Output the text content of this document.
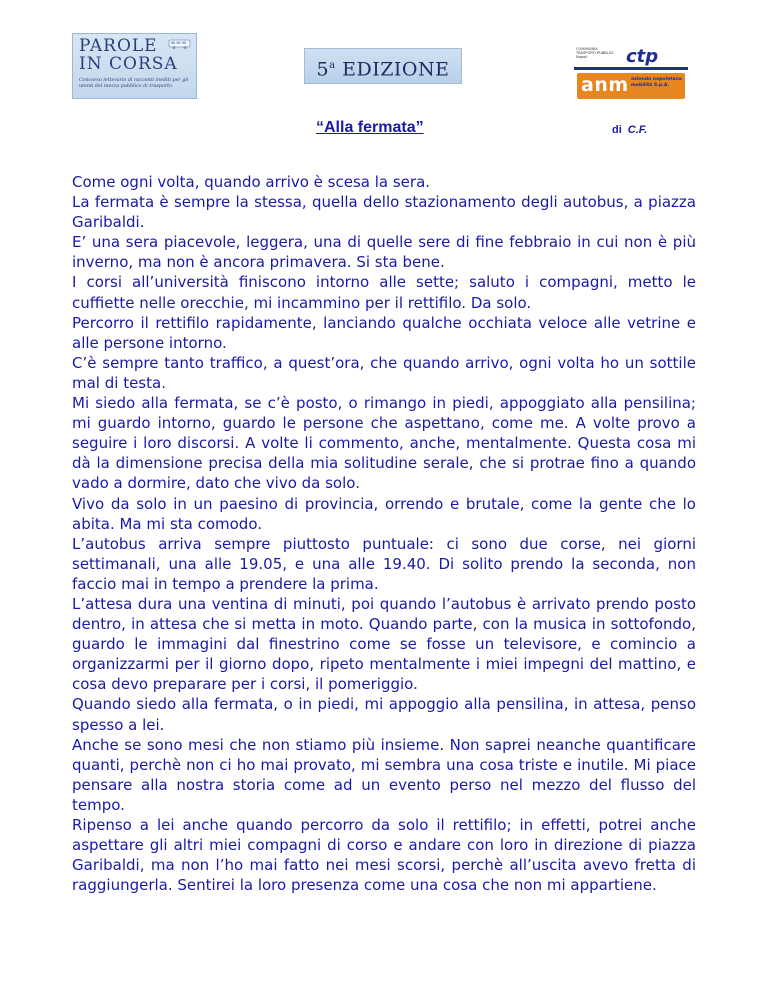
PAROLE
IN CORSA
Concorso letterario di racconti inediti per gli utenti del mezzo pubblico di trasporto
5$^a$ EDIZIONE
COMPAGNIA TRASPORTI PUBBLICI Napoli	ctp
anm azienda napoletana mobilità S.p.A.
“Alla fermata”	di C.F.

Come ogni volta, quando arrivo è scesa la sera.

La fermata è sempre la stessa, quella dello stazionamento degli autobus, a piazza Garibaldi.

E’ una sera piacevole, leggera, una di quelle sere di fine febbraio in cui non è più inverno, ma non è ancora primavera. Si sta bene.

I corsi all’università finiscono intorno alle sette; saluto i compagni, metto le cuffiette nelle orecchie, mi incammino per il rettifilo. Da solo.

Percorro il rettifilo rapidamente, lanciando qualche occhiata veloce alle vetrine e alle persone intorno.

C’è sempre tanto traffico, a quest’ora, che quando arrivo, ogni volta ho un sottile mal di testa.

Mi siedo alla fermata, se c’è posto, o rimango in piedi, appoggiato alla pensilina; mi guardo intorno, guardo le persone che aspettano, come me. A volte provo a seguire i loro discorsi. A volte li commento, anche, mentalmente. Questa cosa mi dà la dimensione precisa della mia solitudine serale, che si protrae fino a quando vado a dormire, dato che vivo da solo.

Vivo da solo in un paesino di provincia, orrendo e brutale, come la gente che lo abita. Ma mi sta comodo.

L’autobus arriva sempre piuttosto puntuale: ci sono due corse, nei giorni settimanali, una alle 19.05, e una alle 19.40. Di solito prendo la seconda, non faccio mai in tempo a prendere la prima.

L’attesa dura una ventina di minuti, poi quando l’autobus è arrivato prendo posto dentro, in attesa che si metta in moto. Quando parte, con la musica in sottofondo, guardo le immagini dal finestrino come se fosse un televisore, e comincio a organizzarmi per il giorno dopo, ripeto mentalmente i miei impegni del mattino, e cosa devo preparare per i corsi, il pomeriggio.

Quando siedo alla fermata, o in piedi, mi appoggio alla pensilina, in attesa, penso spesso a lei.

Anche se sono mesi che non stiamo più insieme. Non saprei neanche quantificare quanti, perchè non ci ho mai provato, mi sembra una cosa triste e inutile. Mi piace pensare alla nostra storia come ad un evento perso nel mezzo del flusso del tempo.

Ripenso a lei anche quando percorro da solo il rettifilo; in effetti, potrei anche aspettare gli altri miei compagni di corso e andare con loro in direzione di piazza Garibaldi, ma non l’ho mai fatto nei mesi scorsi, perchè all’uscita avevo fretta di raggiungerla. Sentirei la loro presenza come una cosa che non mi appartiene.
